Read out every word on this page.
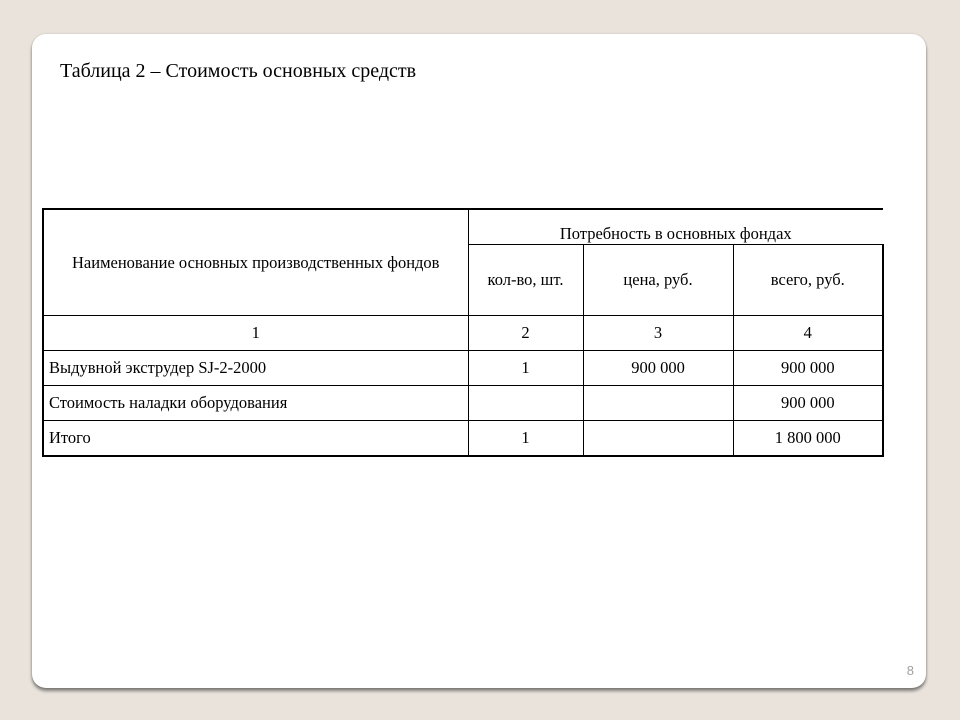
Таблица 2 – Стоимость основных средств
Наименование основных производственных фондов	Потребность в основных фондах		
	кол-во, шт.	цена, руб.	всего, руб.
1	2	3	4
Выдувной экструдер SJ-2-2000	1	900 000	900 000
Стоимость наладки оборудования			900 000
Итого	1		1 800 000
8
